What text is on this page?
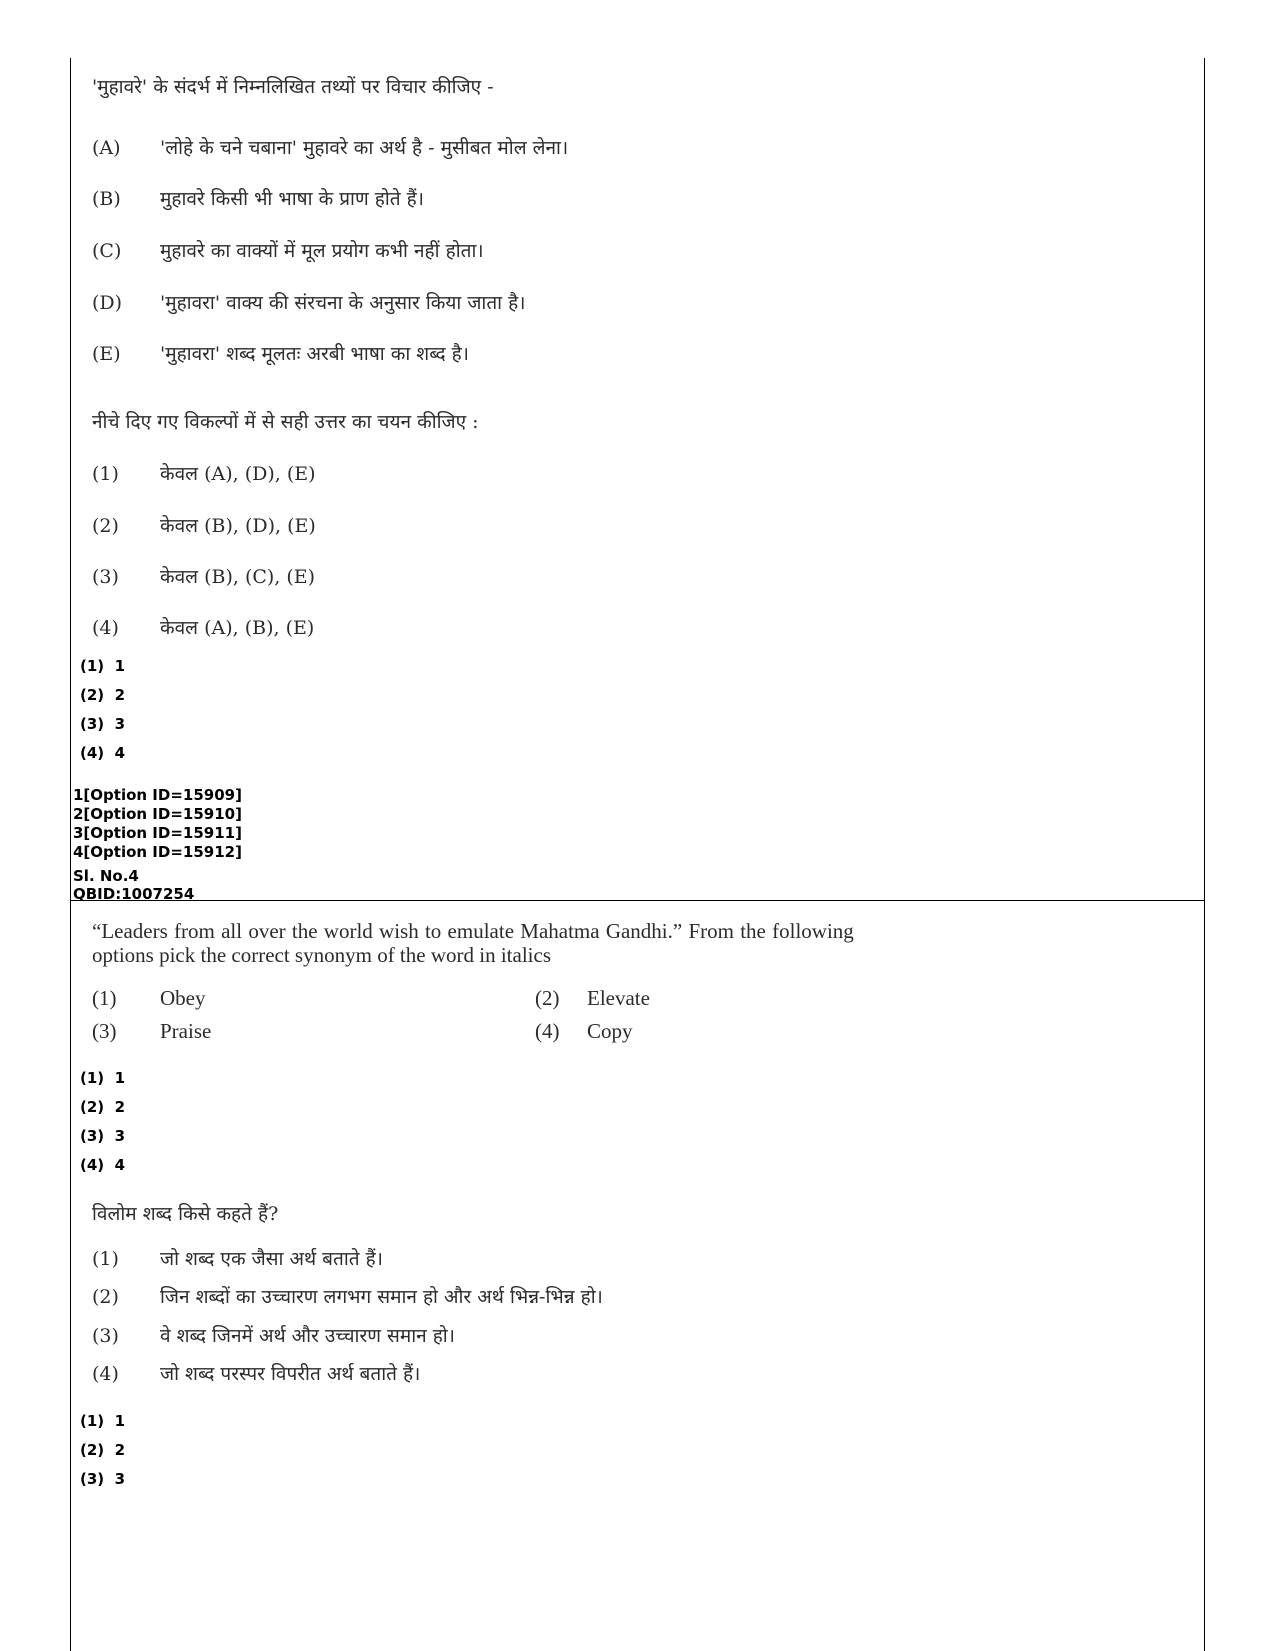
'मुहावरे' के संदर्भ में निम्नलिखित तथ्यों पर विचार कीजिए -
(A) 'लोहे के चने चबाना' मुहावरे का अर्थ है - मुसीबत मोल लेना।
(B) मुहावरे किसी भी भाषा के प्राण होते हैं।
(C) मुहावरे का वाक्यों में मूल प्रयोग कभी नहीं होता।
(D) 'मुहावरा' वाक्य की संरचना के अनुसार किया जाता है।
(E) 'मुहावरा' शब्द मूलतः अरबी भाषा का शब्द है।
नीचे दिए गए विकल्पों में से सही उत्तर का चयन कीजिए :
(1) केवल (A), (D), (E)
(2) केवल (B), (D), (E)
(3) केवल (B), (C), (E)
(4) केवल (A), (B), (E)
(1)  1
(2)  2
(3)  3
(4)  4
1[Option ID=15909]
2[Option ID=15910]
3[Option ID=15911]
4[Option ID=15912]
Sl. No.4
QBID:1007254
“Leaders from all over the world wish to emulate Mahatma Gandhi.” From the following
options pick the correct synonym of the word in italics
(1) Obey	(2) Elevate
(3) Praise	(4) Copy
(1)  1
(2)  2
(3)  3
(4)  4
विलोम शब्द किसे कहते हैं?
(1) जो शब्द एक जैसा अर्थ बताते हैं।
(2) जिन शब्दों का उच्चारण लगभग समान हो और अर्थ भिन्न-भिन्न हो।
(3) वे शब्द जिनमें अर्थ और उच्चारण समान हो।
(4) जो शब्द परस्पर विपरीत अर्थ बताते हैं।
(1)  1
(2)  2
(3)  3
